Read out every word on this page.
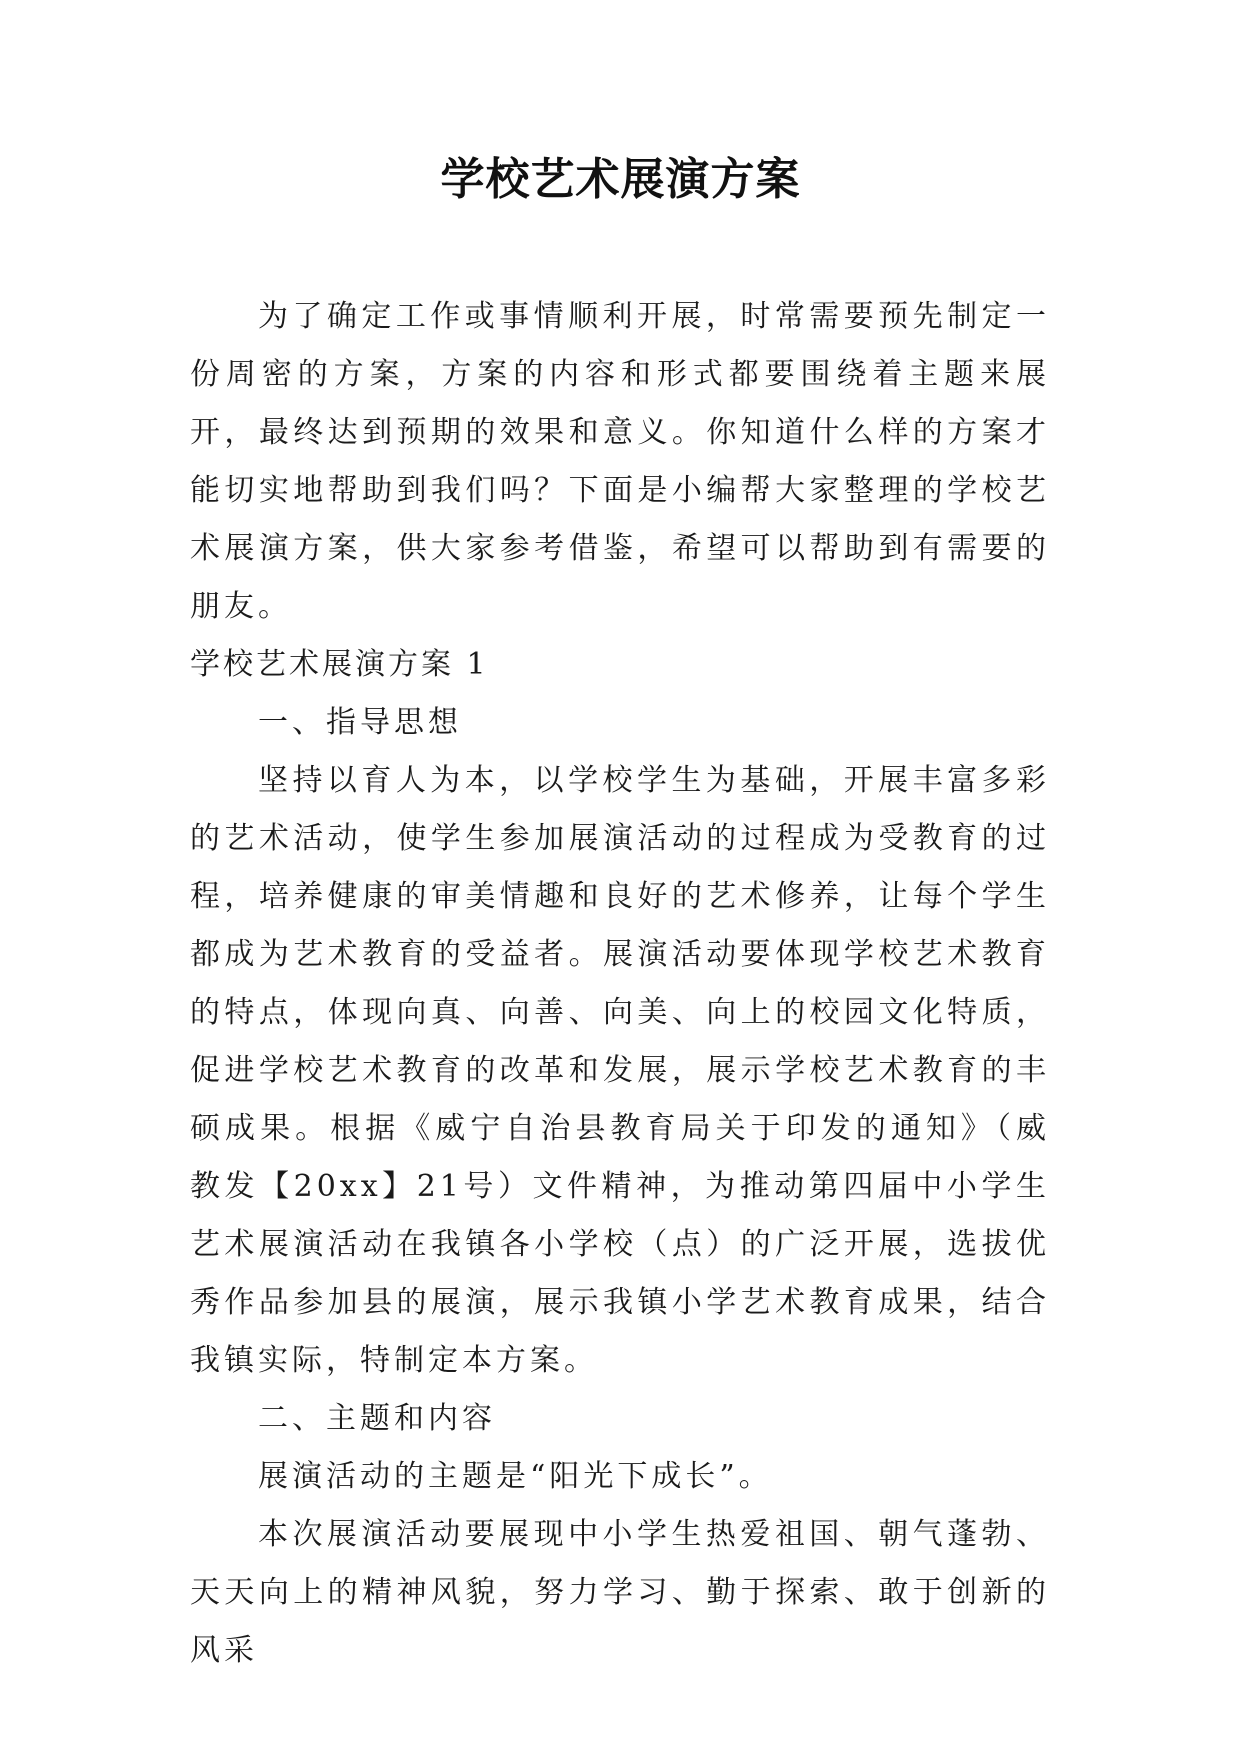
学校艺术展演方案
为了确定工作或事情顺利开展，时常需要预先制定一份周密的方案，方案的内容和形式都要围绕着主题来展开，最终达到预期的效果和意义。你知道什么样的方案才能切实地帮助到我们吗？下面是小编帮大家整理的学校艺术展演方案，供大家参考借鉴，希望可以帮助到有需要的朋友。
学校艺术展演方案 1

一、指导思想

坚持以育人为本，以学校学生为基础，开展丰富多彩的艺术活动，使学生参加展演活动的过程成为受教育的过程，培养健康的审美情趣和良好的艺术修养，让每个学生都成为艺术教育的受益者。展演活动要体现学校艺术教育的特点，体现向真、向善、向美、向上的校园文化特质，促进学校艺术教育的改革和发展，展示学校艺术教育的丰硕成果。根据《威宁自治县教育局关于印发的通知》（威教发【20xx】21号）文件精神，为推动第四届中小学生艺术展演活动在我镇各小学校（点）的广泛开展，选拔优秀作品参加县的展演，展示我镇小学艺术教育成果，结合我镇实际，特制定本方案。

二、主题和内容

展演活动的主题是“阳光下成长”。

本次展演活动要展现中小学生热爱祖国、朝气蓬勃、天天向上的精神风貌，努力学习、勤于探索、敢于创新的风采
